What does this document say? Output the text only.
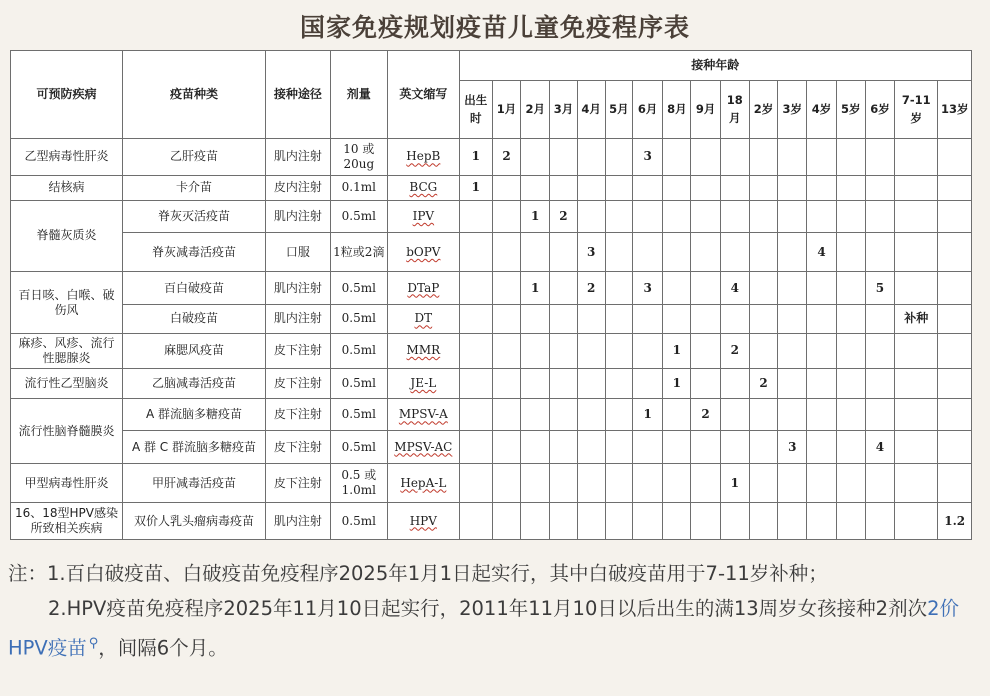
国家免疫规划疫苗儿童免疫程序表
可预防疾病	疫苗种类	接种途径	剂量	英文缩写	接种年龄																
					出生时	1月	2月	3月	4月	5月	6月	8月	9月	18月	2岁	3岁	4岁	5岁	6岁	7-11岁	13岁
乙型病毒性肝炎	乙肝疫苗	肌内注射	10 或 20ug	HepB	1	2					3										
结核病	卡介苗	皮内注射	0.1ml	BCG	1																
脊髓灰质炎	脊灰灭活疫苗	肌内注射	0.5ml	IPV			1	2													
	脊灰减毒活疫苗	口服	1粒或2滴	bOPV					3								4				
百日咳、白喉、破伤风	百白破疫苗	肌内注射	0.5ml	DTaP			1		2		3			4					5		
	白破疫苗	肌内注射	0.5ml	DT																补种	
麻疹、风疹、流行性腮腺炎	麻腮风疫苗	皮下注射	0.5ml	MMR								1		2							
流行性乙型脑炎	乙脑减毒活疫苗	皮下注射	0.5ml	JE-L								1			2						
流行性脑脊髓膜炎	A 群流脑多糖疫苗	皮下注射	0.5ml	MPSV-A							1		2								
	A 群 C 群流脑多糖疫苗	皮下注射	0.5ml	MPSV-AC												3			4		
甲型病毒性肝炎	甲肝减毒活疫苗	皮下注射	0.5 或 1.0ml	HepA-L										1							
16、18型HPV感染所致相关疾病	双价人乳头瘤病毒疫苗	肌内注射	0.5ml	HPV																	1.2

注：1.百白破疫苗、白破疫苗免疫程序2025年1月1日起实行，其中白破疫苗用于7-11岁补种；

2.HPV疫苗免疫程序2025年11月10日起实行，2011年11月10日以后出生的满13周岁女孩接种2剂次2价HPV疫苗 ⚲，间隔6个月。
